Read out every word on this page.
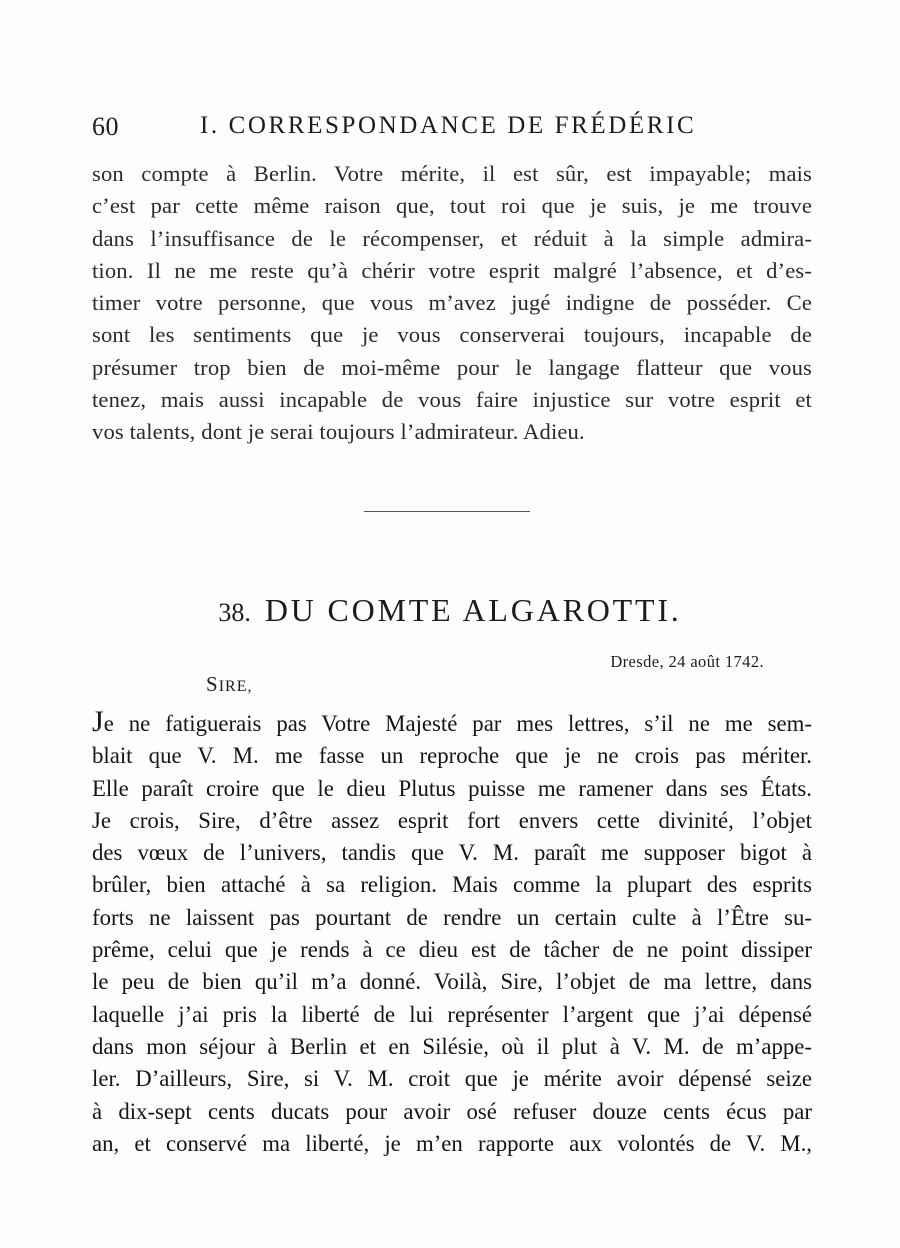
60	I. CORRESPONDANCE DE FRÉDÉRIC
son compte à Berlin. Votre mérite, il est sûr, est impayable; mais
c’est par cette même raison que, tout roi que je suis, je me trouve
dans l’insuffisance de le récompenser, et réduit à la simple admira-
tion. Il ne me reste qu’à chérir votre esprit malgré l’absence, et d’es-
timer votre personne, que vous m’avez jugé indigne de posséder. Ce
sont les sentiments que je vous conserverai toujours, incapable de
présumer trop bien de moi-même pour le langage flatteur que vous
tenez, mais aussi incapable de vous faire injustice sur votre esprit et
vos talents, dont je serai toujours l’admirateur. Adieu.
38. DU COMTE ALGAROTTI.
Dresde, 24 août 1742.
SIRE,
Je ne fatiguerais pas Votre Majesté par mes lettres, s’il ne me sem-
blait que V. M. me fasse un reproche que je ne crois pas mériter.
Elle paraît croire que le dieu Plutus puisse me ramener dans ses États.
Je crois, Sire, d’être assez esprit fort envers cette divinité, l’objet
des vœux de l’univers, tandis que V. M. paraît me supposer bigot à
brûler, bien attaché à sa religion. Mais comme la plupart des esprits
forts ne laissent pas pourtant de rendre un certain culte à l’Être su-
prême, celui que je rends à ce dieu est de tâcher de ne point dissiper
le peu de bien qu’il m’a donné. Voilà, Sire, l’objet de ma lettre, dans
laquelle j’ai pris la liberté de lui représenter l’argent que j’ai dépensé
dans mon séjour à Berlin et en Silésie, où il plut à V. M. de m’appe-
ler. D’ailleurs, Sire, si V. M. croit que je mérite avoir dépensé seize
à dix-sept cents ducats pour avoir osé refuser douze cents écus par
an, et conservé ma liberté, je m’en rapporte aux volontés de V. M.,
